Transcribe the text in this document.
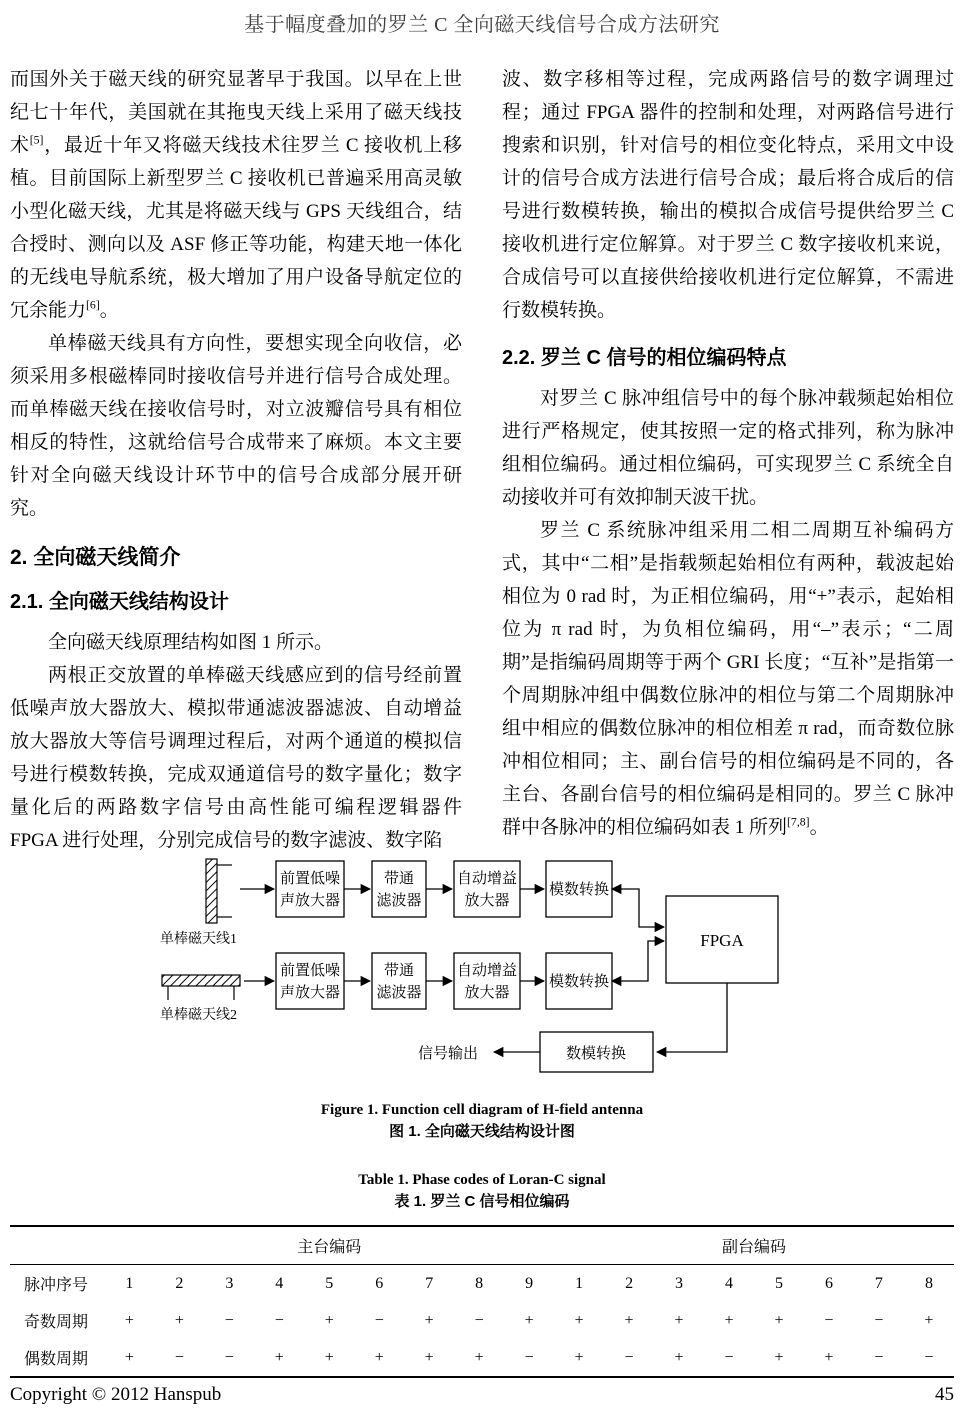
基于幅度叠加的罗兰 C 全向磁天线信号合成方法研究

而国外关于磁天线的研究显著早于我国。以早在上世纪七十年代，美国就在其拖曳天线上采用了磁天线技术[5]，最近十年又将磁天线技术往罗兰 C 接收机上移植。目前国际上新型罗兰 C 接收机已普遍采用高灵敏小型化磁天线，尤其是将磁天线与 GPS 天线组合，结合授时、测向以及 ASF 修正等功能，构建天地一体化的无线电导航系统，极大增加了用户设备导航定位的冗余能力[6]。

单棒磁天线具有方向性，要想实现全向收信，必须采用多根磁棒同时接收信号并进行信号合成处理。而单棒磁天线在接收信号时，对立波瓣信号具有相位相反的特性，这就给信号合成带来了麻烦。本文主要针对全向磁天线设计环节中的信号合成部分展开研究。

2. 全向磁天线简介
2.1. 全向磁天线结构设计

全向磁天线原理结构如图 1 所示。

两根正交放置的单棒磁天线感应到的信号经前置低噪声放大器放大、模拟带通滤波器滤波、自动增益放大器放大等信号调理过程后，对两个通道的模拟信号进行模数转换，完成双通道信号的数字量化；数字量化后的两路数字信号由高性能可编程逻辑器件 FPGA 进行处理，分别完成信号的数字滤波、数字陷

波、数字移相等过程，完成两路信号的数字调理过程；通过 FPGA 器件的控制和处理，对两路信号进行搜索和识别，针对信号的相位变化特点，采用文中设计的信号合成方法进行信号合成；最后将合成后的信号进行数模转换，输出的模拟合成信号提供给罗兰 C 接收机进行定位解算。对于罗兰 C 数字接收机来说，合成信号可以直接供给接收机进行定位解算，不需进行数模转换。

2.2. 罗兰 C 信号的相位编码特点

对罗兰 C 脉冲组信号中的每个脉冲载频起始相位进行严格规定，使其按照一定的格式排列，称为脉冲组相位编码。通过相位编码，可实现罗兰 C 系统全自动接收并可有效抑制天波干扰。

罗兰 C 系统脉冲组采用二相二周期互补编码方式，其中“二相”是指载频起始相位有两种，载波起始相位为 0 rad 时，为正相位编码，用“+”表示，起始相位为 π rad 时，为负相位编码，用“–”表示；“二周期”是指编码周期等于两个 GRI 长度；“互补”是指第一个周期脉冲组中偶数位脉冲的相位与第二个周期脉冲组中相应的偶数位脉冲的相位相差 π rad，而奇数位脉冲相位相同；主、副台信号的相位编码是不同的，各主台、各副台信号的相位编码是相同的。罗兰 C 脉冲群中各脉冲的相位编码如表 1 所列[7,8]。

单棒磁天线1
单棒磁天线2
前置低噪
声放大器
带通
滤波器
自动增益
放大器
模数转换
前置低噪
声放大器
带通
滤波器
自动增益
放大器
模数转换
FPGA
数模转换
信号输出
Figure 1. Function cell diagram of H-field antenna
图 1. 全向磁天线结构设计图
Table 1. Phase codes of Loran-C signal
表 1. 罗兰 C 信号相位编码
	主台编码									副台编码							
脉冲序号	1	2	3	4	5	6	7	8	9	1	2	3	4	5	6	7	8
奇数周期	+	+	−	−	+	−	+	−	+	+	+	+	+	+	−	−	+
偶数周期	+	−	−	+	+	+	+	+	−	+	−	+	−	+	+	−	−
Copyright © 2012 Hanspub	45
